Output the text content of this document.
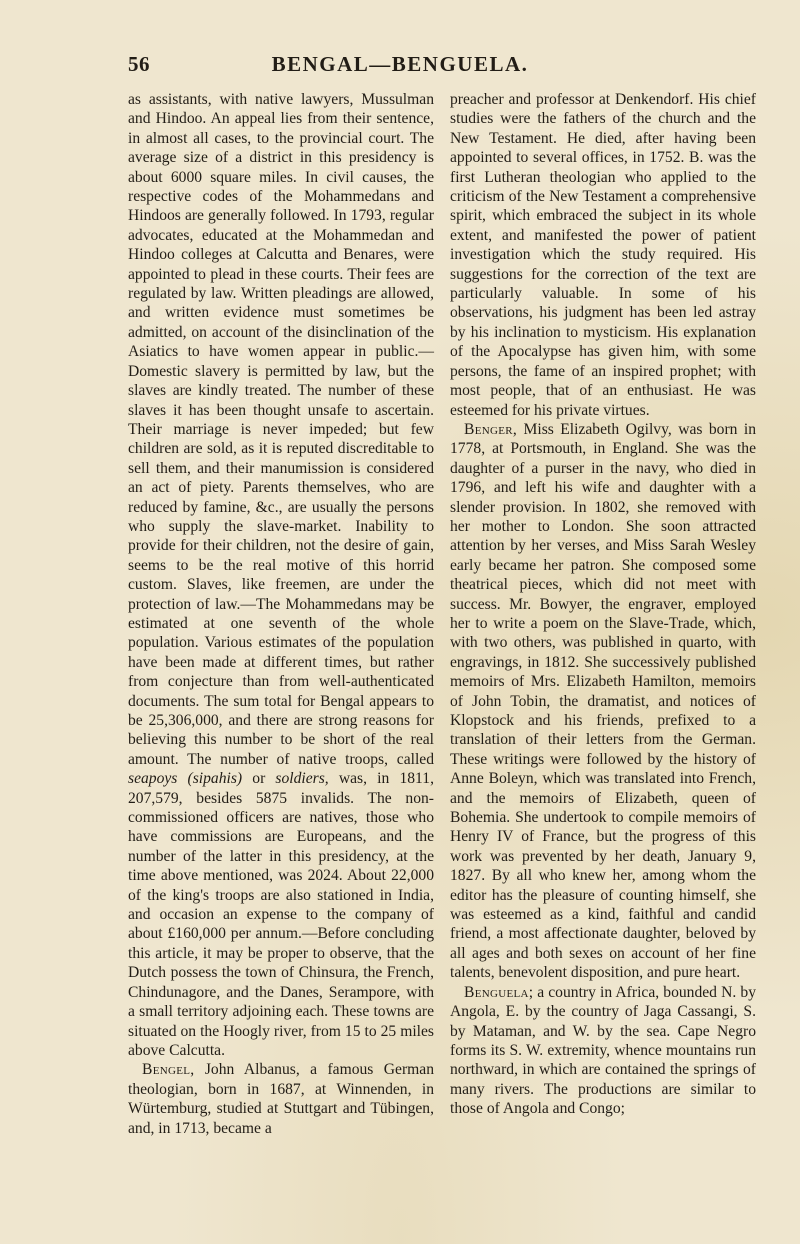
56	BENGAL—BENGUELA.

as assistants, with native lawyers, Mussulman and Hindoo. An appeal lies from their sentence, in almost all cases, to the provincial court. The average size of a district in this presidency is about 6000 square miles. In civil causes, the respective codes of the Mohammedans and Hindoos are generally followed. In 1793, regular advocates, educated at the Mohammedan and Hindoo colleges at Calcutta and Benares, were appointed to plead in these courts. Their fees are regulated by law. Written pleadings are allowed, and written evidence must sometimes be admitted, on account of the disinclination of the Asiatics to have women appear in public.—Domestic slavery is permitted by law, but the slaves are kindly treated. The number of these slaves it has been thought unsafe to ascertain. Their marriage is never impeded; but few children are sold, as it is reputed discreditable to sell them, and their manumission is considered an act of piety. Parents themselves, who are reduced by famine, &c., are usually the persons who supply the slave-market. Inability to provide for their children, not the desire of gain, seems to be the real motive of this horrid custom. Slaves, like freemen, are under the protection of law.—The Mohammedans may be estimated at one seventh of the whole population. Various estimates of the population have been made at different times, but rather from conjecture than from well-authenticated documents. The sum total for Bengal appears to be 25,306,000, and there are strong reasons for believing this number to be short of the real amount. The number of native troops, called seapoys (sipahis) or soldiers, was, in 1811, 207,579, besides 5875 invalids. The non-commissioned officers are natives, those who have commissions are Europeans, and the number of the latter in this presidency, at the time above mentioned, was 2024. About 22,000 of the king's troops are also stationed in India, and occasion an expense to the company of about £160,000 per annum.—Before concluding this article, it may be proper to observe, that the Dutch possess the town of Chinsura, the French, Chindunagore, and the Danes, Serampore, with a small territory adjoining each. These towns are situated on the Hoogly river, from 15 to 25 miles above Calcutta.

Bengel, John Albanus, a famous German theologian, born in 1687, at Winnenden, in Würtemburg, studied at Stuttgart and Tübingen, and, in 1713, became a

preacher and professor at Denkendorf. His chief studies were the fathers of the church and the New Testament. He died, after having been appointed to several offices, in 1752. B. was the first Lutheran theologian who applied to the criticism of the New Testament a comprehensive spirit, which embraced the subject in its whole extent, and manifested the power of patient investigation which the study required. His suggestions for the correction of the text are particularly valuable. In some of his observations, his judgment has been led astray by his inclination to mysticism. His explanation of the Apocalypse has given him, with some persons, the fame of an inspired prophet; with most people, that of an enthusiast. He was esteemed for his private virtues.

Benger, Miss Elizabeth Ogilvy, was born in 1778, at Portsmouth, in England. She was the daughter of a purser in the navy, who died in 1796, and left his wife and daughter with a slender provision. In 1802, she removed with her mother to London. She soon attracted attention by her verses, and Miss Sarah Wesley early became her patron. She composed some theatrical pieces, which did not meet with success. Mr. Bowyer, the engraver, employed her to write a poem on the Slave-Trade, which, with two others, was published in quarto, with engravings, in 1812. She successively published memoirs of Mrs. Elizabeth Hamilton, memoirs of John Tobin, the dramatist, and notices of Klopstock and his friends, prefixed to a translation of their letters from the German. These writings were followed by the history of Anne Boleyn, which was translated into French, and the memoirs of Elizabeth, queen of Bohemia. She undertook to compile memoirs of Henry IV of France, but the progress of this work was prevented by her death, January 9, 1827. By all who knew her, among whom the editor has the pleasure of counting himself, she was esteemed as a kind, faithful and candid friend, a most affectionate daughter, beloved by all ages and both sexes on account of her fine talents, benevolent disposition, and pure heart.

Benguela; a country in Africa, bounded N. by Angola, E. by the country of Jaga Cassangi, S. by Mataman, and W. by the sea. Cape Negro forms its S. W. extremity, whence mountains run northward, in which are contained the springs of many rivers. The productions are similar to those of Angola and Congo;
